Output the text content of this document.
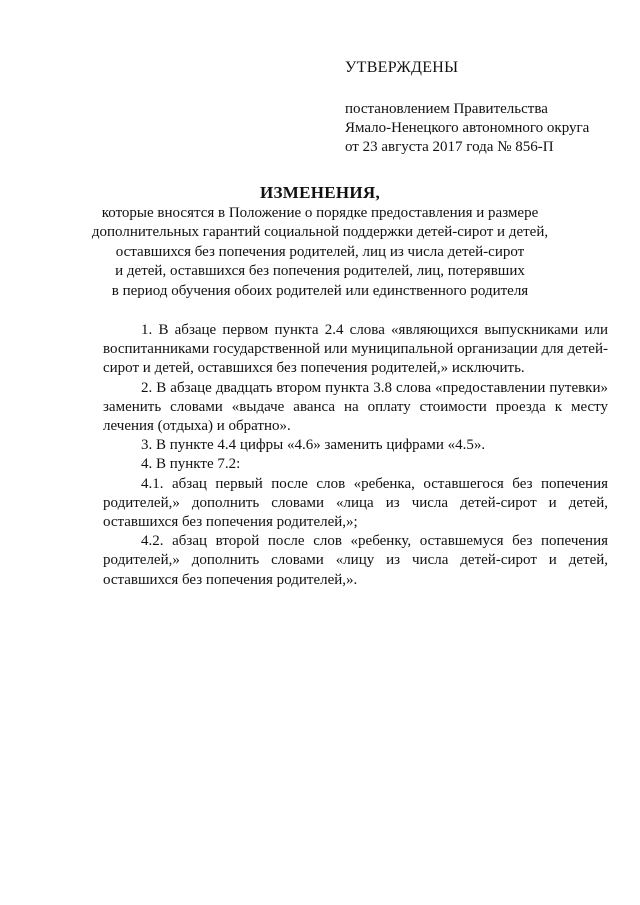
УТВЕРЖДЕНЫ
постановлением Правительства
Ямало-Ненецкого автономного округа
от 23 августа 2017 года № 856-П
ИЗМЕНЕНИЯ,
которые вносятся в Положение о порядке предоставления и размере
дополнительных гарантий социальной поддержки детей-сирот и детей,
оставшихся без попечения родителей, лиц из числа детей-сирот
и детей, оставшихся без попечения родителей, лиц, потерявших
в период обучения обоих родителей или единственного родителя

1. В абзаце первом пункта 2.4 слова «являющихся выпускниками или воспитанниками государственной или муниципальной организации для детей-сирот и детей, оставшихся без попечения родителей,» исключить.

2. В абзаце двадцать втором пункта 3.8 слова «предоставлении путевки» заменить словами «выдаче аванса на оплату стоимости проезда к месту лечения (отдыха) и обратно».

3. В пункте 4.4 цифры «4.6» заменить цифрами «4.5».

4. В пункте 7.2:

4.1. абзац первый после слов «ребенка, оставшегося без попечения родителей,» дополнить словами «лица из числа детей-сирот и детей, оставшихся без попечения родителей,»;

4.2. абзац второй после слов «ребенку, оставшемуся без попечения родителей,» дополнить словами «лицу из числа детей-сирот и детей, оставшихся без попечения родителей,».
